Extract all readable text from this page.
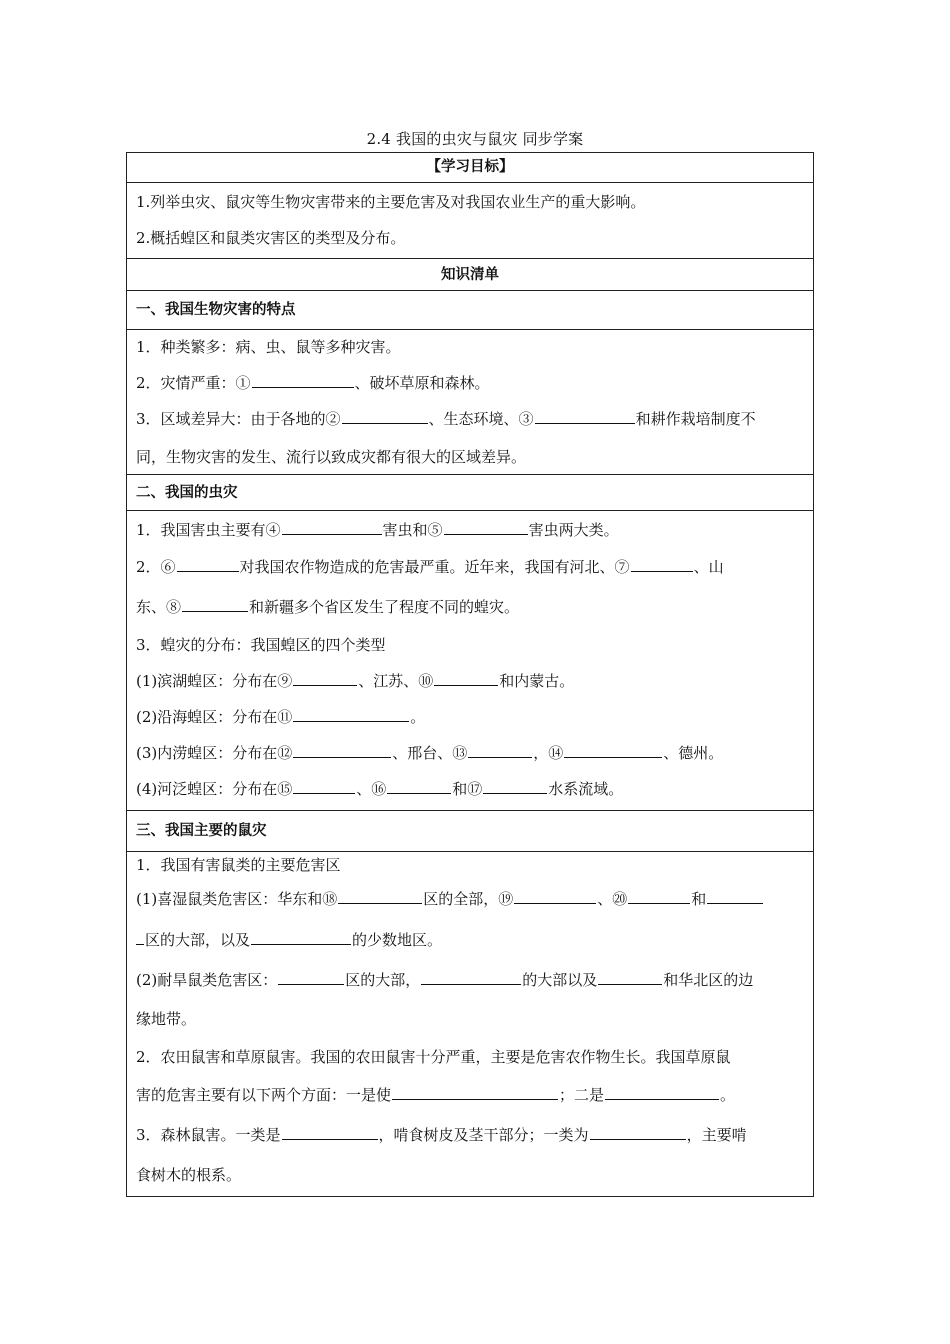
2.4 我国的虫灾与鼠灾 同步学案
【学习目标】
1.列举虫灾、鼠灾等生物灾害带来的主要危害及对我国农业生产的重大影响。
2.概括蝗区和鼠类灾害区的类型及分布。
知识清单
一、我国生物灾害的特点
1．种类繁多：病、虫、鼠等多种灾害。
2．灾情严重：①	、破坏草原和森林。
3．区域差异大：由于各地的②	、生态环境、③	和耕作栽培制度不
同，生物灾害的发生、流行以致成灾都有很大的区域差异。
二、我国的虫灾
1．我国害虫主要有④	害虫和⑤	害虫两大类。
2．⑥	对我国农作物造成的危害最严重。近年来，我国有河北、⑦	、山
东、⑧	和新疆多个省区发生了程度不同的蝗灾。
3．蝗灾的分布：我国蝗区的四个类型
(1)滨湖蝗区：分布在⑨	、江苏、⑩	和内蒙古。
(2)沿海蝗区：分布在⑪	。
(3)内涝蝗区：分布在⑫	、邢台、⑬	，⑭	、德州。
(4)河泛蝗区：分布在⑮	、⑯	和⑰	水系流域。
三、我国主要的鼠灾
1．我国有害鼠类的主要危害区
(1)喜湿鼠类危害区：华东和⑱	区的全部，⑲	、⑳	和
区的大部，以及	的少数地区。
(2)耐旱鼠类危害区：	区的大部，	的大部以及	和华北区的边
缘地带。
2．农田鼠害和草原鼠害。我国的农田鼠害十分严重，主要是危害农作物生长。我国草原鼠
害的危害主要有以下两个方面：一是使	；二是	。
3．森林鼠害。一类是	，啃食树皮及茎干部分；一类为	，主要啃
食树木的根系。
